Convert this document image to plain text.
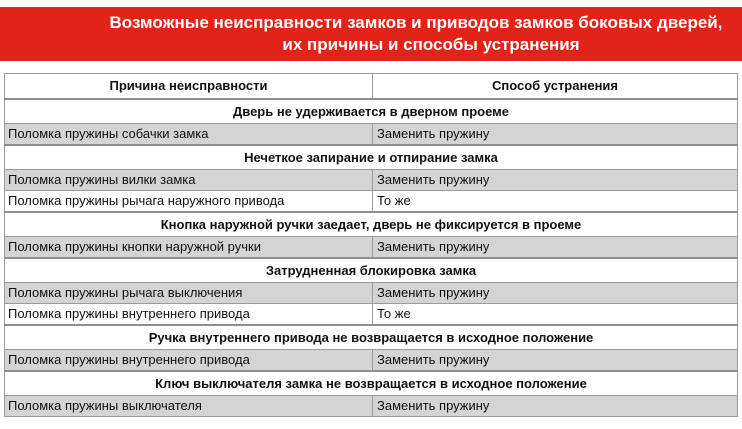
Возможные неисправности замков и приводов замков боковых дверей,
их причины и способы устранения
Причина неисправности	Способ устранения
Дверь не удерживается в дверном проеме	
Поломка пружины собачки замка	Заменить пружину
Нечеткое запирание и отпирание замка	
Поломка пружины вилки замка	Заменить пружину
Поломка пружины рычага наружного привода	То же
Кнопка наружной ручки заедает, дверь не фиксируется в проеме	
Поломка пружины кнопки наружной ручки	Заменить пружину
Затрудненная блокировка замка	
Поломка пружины рычага выключения	Заменить пружину
Поломка пружины внутреннего привода	То же
Ручка внутреннего привода не возвращается в исходное положение	
Поломка пружины внутреннего привода	Заменить пружину
Ключ выключателя замка не возвращается в исходное положение	
Поломка пружины выключателя	Заменить пружину
